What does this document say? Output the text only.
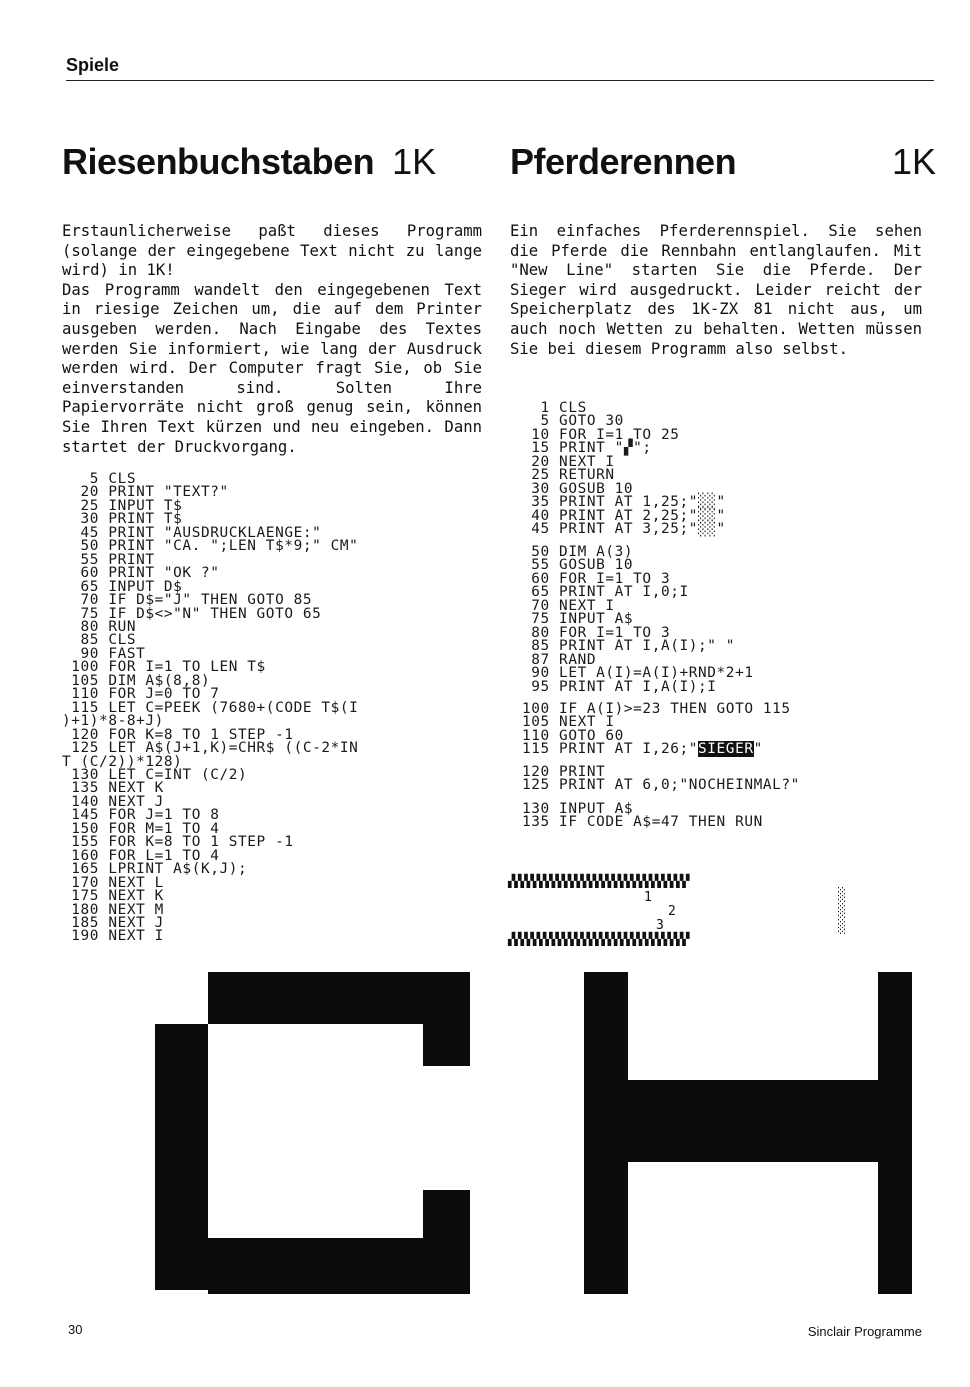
Spiele
Riesenbuchstaben 1K Pferderennen	1K

Erstaunlicherweise paßt dieses Programm (solange der eingegebene Text nicht zu lange wird) in 1K!

Das Programm wandelt den eingegebenen Text in riesige Zeichen um, die auf dem Printer ausgeben werden. Nach Eingabe des Textes werden Sie informiert, wie lang der Ausdruck werden wird. Der Computer fragt Sie, ob Sie einverstanden sind. Solten Ihre Papiervorräte nicht groß genug sein, können Sie Ihren Text kürzen und neu eingeben. Dann startet der Druckvorgang.

5 CLS
20 PRINT "TEXT?"
25 INPUT T$
30 PRINT T$
45 PRINT "AUSDRUCKLAENGE:"
50 PRINT "CA. ";LEN T$*9;" CM"
55 PRINT
60 PRINT "OK ?"
65 INPUT D$
70 IF D$="J" THEN GOTO 85
75 IF D$<>"N" THEN GOTO 65
80 RUN
85 CLS
90 FAST
100 FOR I=1 TO LEN T$
105 DIM A$(8,8)
110 FOR J=0 TO 7
115 LET C=PEEK (7680+(CODE T$(I
)+1)*8-8+J)
120 FOR K=8 TO 1 STEP -1
125 LET A$(J+1,K)=CHR$ ((C-2*IN
T (C/2))*128)
130 LET C=INT (C/2)
135 NEXT K
140 NEXT J
145 FOR J=1 TO 8
150 FOR M=1 TO 4
155 FOR K=8 TO 1 STEP -1
160 FOR L=1 TO 4
165 LPRINT A$(K,J);
170 NEXT L
175 NEXT K
180 NEXT M
185 NEXT J
190 NEXT I

Ein einfaches Pferderennspiel. Sie sehen die Pferde die Rennbahn entlanglaufen. Mit "New Line" starten Sie die Pferde. Der Sieger wird ausgedruckt. Leider reicht der Speicherplatz des 1K-ZX 81 nicht aus, um auch noch Wetten zu behalten. Wetten müssen Sie bei diesem Programm also selbst.

1 CLS
5 GOTO 30
10 FOR I=1 TO 25
15 PRINT "▞";
20 NEXT I
25 RETURN
30 GOSUB 10
35 PRINT AT 1,25;"░░"
40 PRINT AT 2,25;"░░"
45 PRINT AT 3,25;"░░"
50 DIM A(3)
55 GOSUB 10
60 FOR I=1 TO 3
65 PRINT AT I,0;I
70 NEXT I
75 INPUT A$
80 FOR I=1 TO 3
85 PRINT AT I,A(I);" "
87 RAND
90 LET A(I)=A(I)+RND*2+1
95 PRINT AT I,A(I);I
100 IF A(I)>=23 THEN GOTO 115
105 NEXT I
110 GOTO 60
115 PRINT AT I,26;"SIEGER"
120 PRINT
125 PRINT AT 6,0;"NOCHEINMAL?"
130 INPUT A$
135 IF CODE A$=47 THEN RUN
▞▞▞▞▞▞▞▞▞▞▞▞▞▞▞▞▞▞▞▞▞▞▞▞▞▞▞▞▞
1
2
3
░
░
░
▞▞▞▞▞▞▞▞▞▞▞▞▞▞▞▞▞▞▞▞▞▞▞▞▞▞▞▞▞
30	Sinclair Programme
